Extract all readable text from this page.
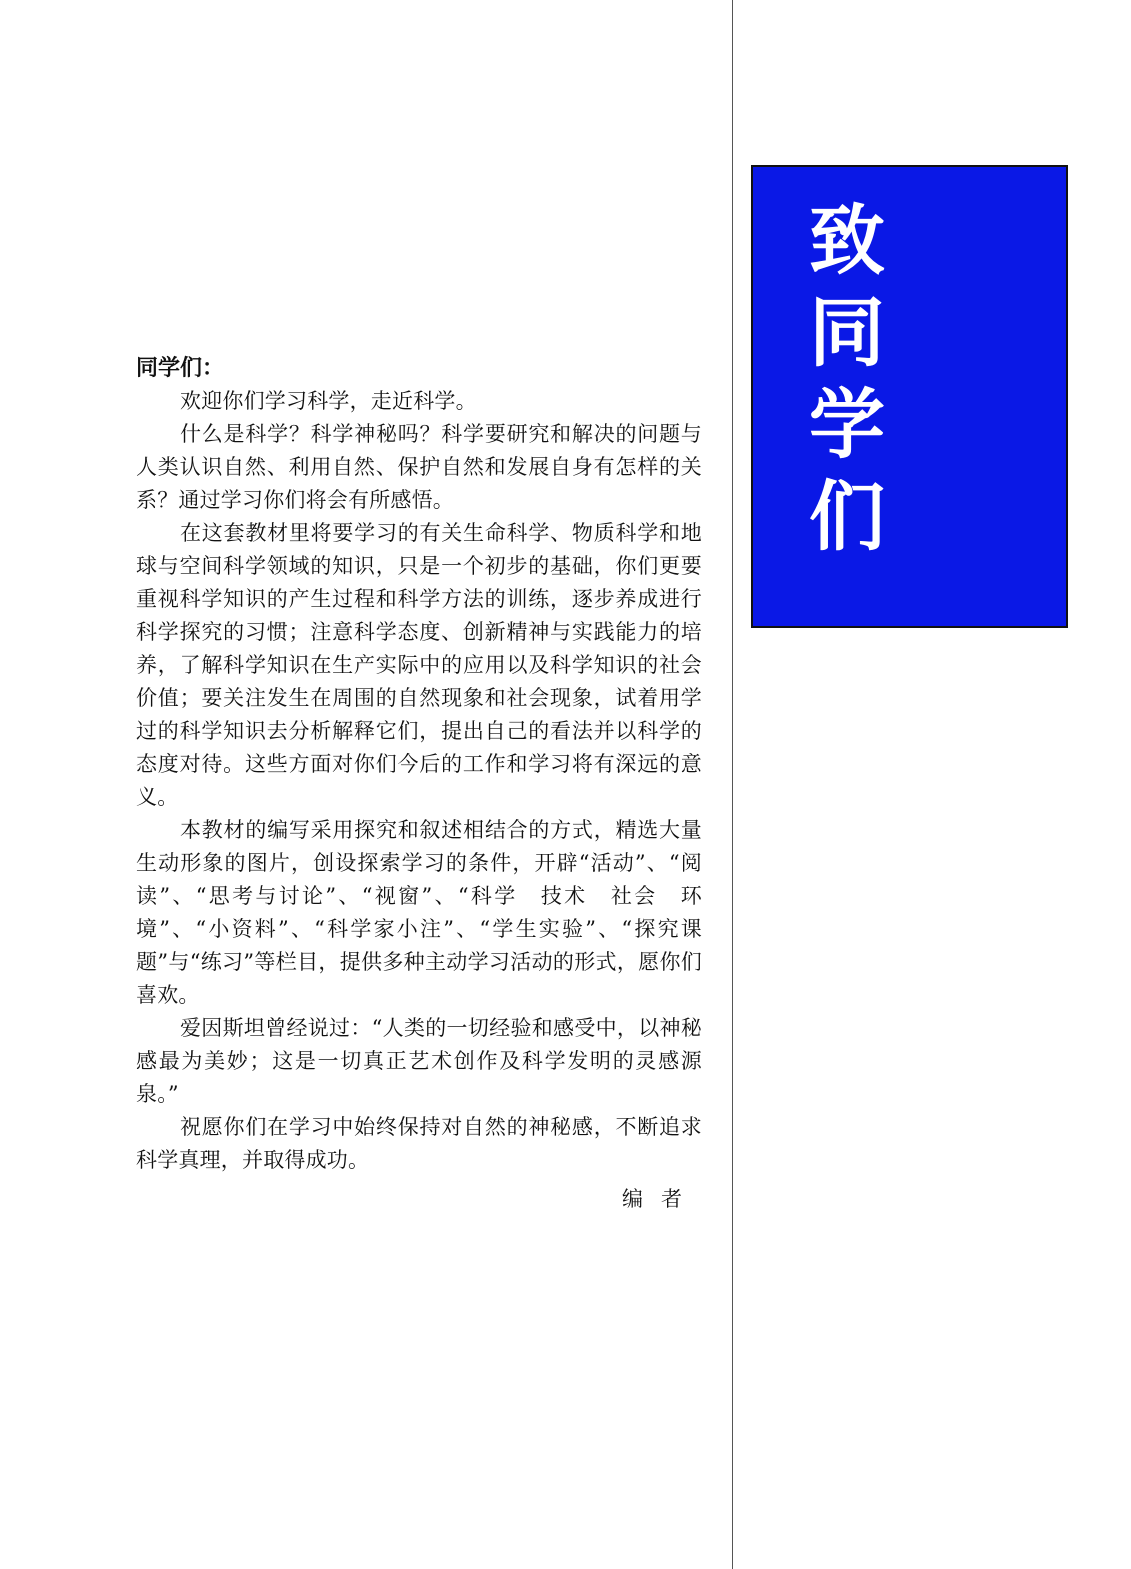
致
同
学
们

同学们：

欢迎你们学习科学，走近科学。

什么是科学？科学神秘吗？科学要研究和解决的问题与人类认识自然、利用自然、保护自然和发展自身有怎样的关系？通过学习你们将会有所感悟。

在这套教材里将要学习的有关生命科学、物质科学和地球与空间科学领域的知识，只是一个初步的基础，你们更要重视科学知识的产生过程和科学方法的训练，逐步养成进行科学探究的习惯；注意科学态度、创新精神与实践能力的培养，了解科学知识在生产实际中的应用以及科学知识的社会价值；要关注发生在周围的自然现象和社会现象，试着用学过的科学知识去分析解释它们，提出自己的看法并以科学的态度对待。这些方面对你们今后的工作和学习将有深远的意义。

本教材的编写采用探究和叙述相结合的方式，精选大量生动形象的图片，创设探索学习的条件，开辟“活动”、“阅读”、“思考与讨论”、“视窗”、“科学　技术　社会　环境”、“小资料”、“科学家小注”、“学生实验”、“探究课题”与“练习”等栏目，提供多种主动学习活动的形式，愿你们喜欢。

爱因斯坦曾经说过：“人类的一切经验和感受中，以神秘感最为美妙；这是一切真正艺术创作及科学发明的灵感源泉。”

祝愿你们在学习中始终保持对自然的神秘感，不断追求科学真理，并取得成功。

编者
